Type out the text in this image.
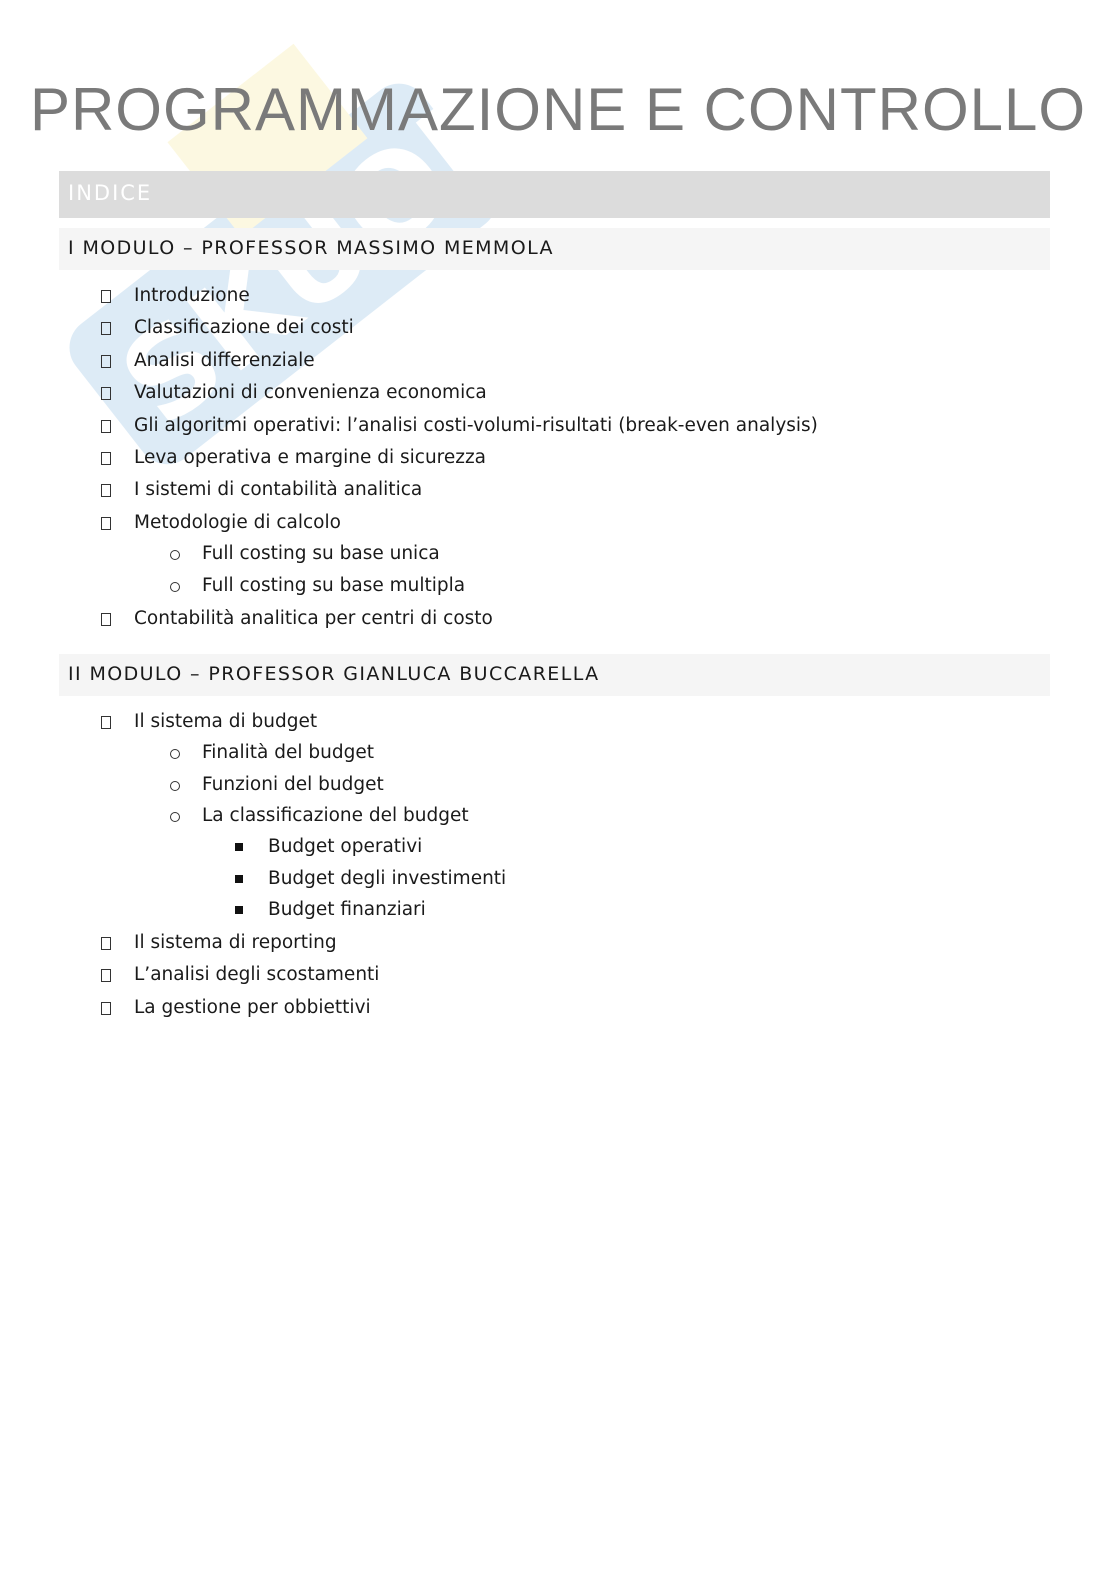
PROGRAMMAZIONE E CONTROLLO
INDICE
I MODULO – PROFESSOR MASSIMO MEMMOLA
Introduzione
Classificazione dei costi
Analisi differenziale
Valutazioni di convenienza economica
Gli algoritmi operativi: l’analisi costi-volumi-risultati (break-even analysis)
Leva operativa e margine di sicurezza
I sistemi di contabilità analitica
Metodologie di calcolo
Full costing su base unica
Full costing su base multipla
Contabilità analitica per centri di costo
II MODULO – PROFESSOR GIANLUCA BUCCARELLA
Il sistema di budget
Finalità del budget
Funzioni del budget
La classificazione del budget
Budget operativi
Budget degli investimenti
Budget finanziari
Il sistema di reporting
L’analisi degli scostamenti
La gestione per obbiettivi
